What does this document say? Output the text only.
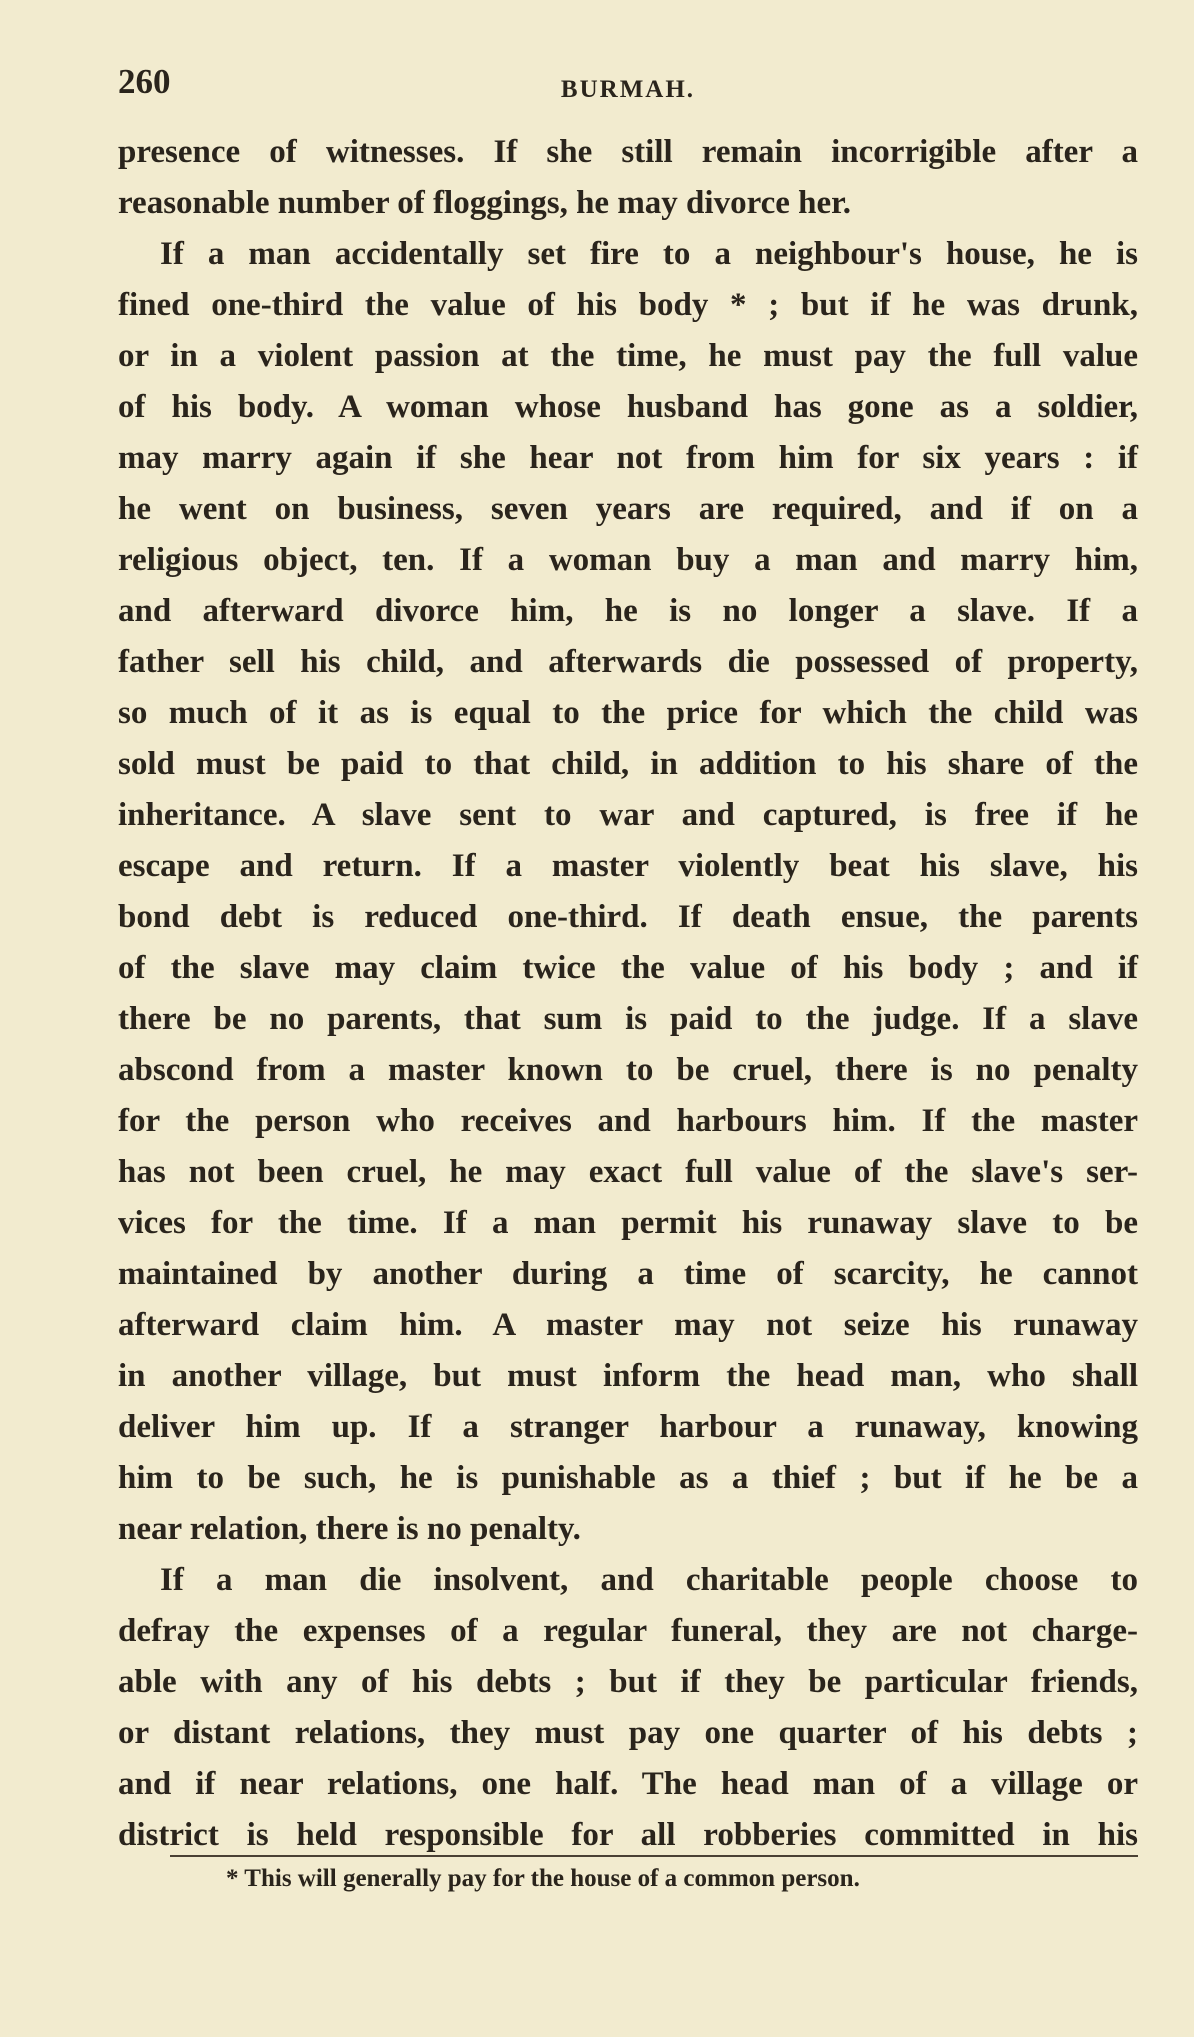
260	BURMAH.
presence of witnesses. If she still remain incorrigible after a
reasonable number of floggings, he may divorce her.
If a man accidentally set fire to a neighbour's house, he is
fined one-third the value of his body * ; but if he was drunk,
or in a violent passion at the time, he must pay the full value
of his body. A woman whose husband has gone as a soldier,
may marry again if she hear not from him for six years : if
he went on business, seven years are required, and if on a
religious object, ten. If a woman buy a man and marry him,
and afterward divorce him, he is no longer a slave. If a
father sell his child, and afterwards die possessed of property,
so much of it as is equal to the price for which the child was
sold must be paid to that child, in addition to his share of the
inheritance. A slave sent to war and captured, is free if he
escape and return. If a master violently beat his slave, his
bond debt is reduced one-third. If death ensue, the parents
of the slave may claim twice the value of his body ; and if
there be no parents, that sum is paid to the judge. If a slave
abscond from a master known to be cruel, there is no penalty
for the person who receives and harbours him. If the master
has not been cruel, he may exact full value of the slave's ser-
vices for the time. If a man permit his runaway slave to be
maintained by another during a time of scarcity, he cannot
afterward claim him. A master may not seize his runaway
in another village, but must inform the head man, who shall
deliver him up. If a stranger harbour a runaway, knowing
him to be such, he is punishable as a thief ; but if he be a
near relation, there is no penalty.
If a man die insolvent, and charitable people choose to
defray the expenses of a regular funeral, they are not charge-
able with any of his debts ; but if they be particular friends,
or distant relations, they must pay one quarter of his debts ;
and if near relations, one half. The head man of a village or
district is held responsible for all robberies committed in his
* This will generally pay for the house of a common person.
